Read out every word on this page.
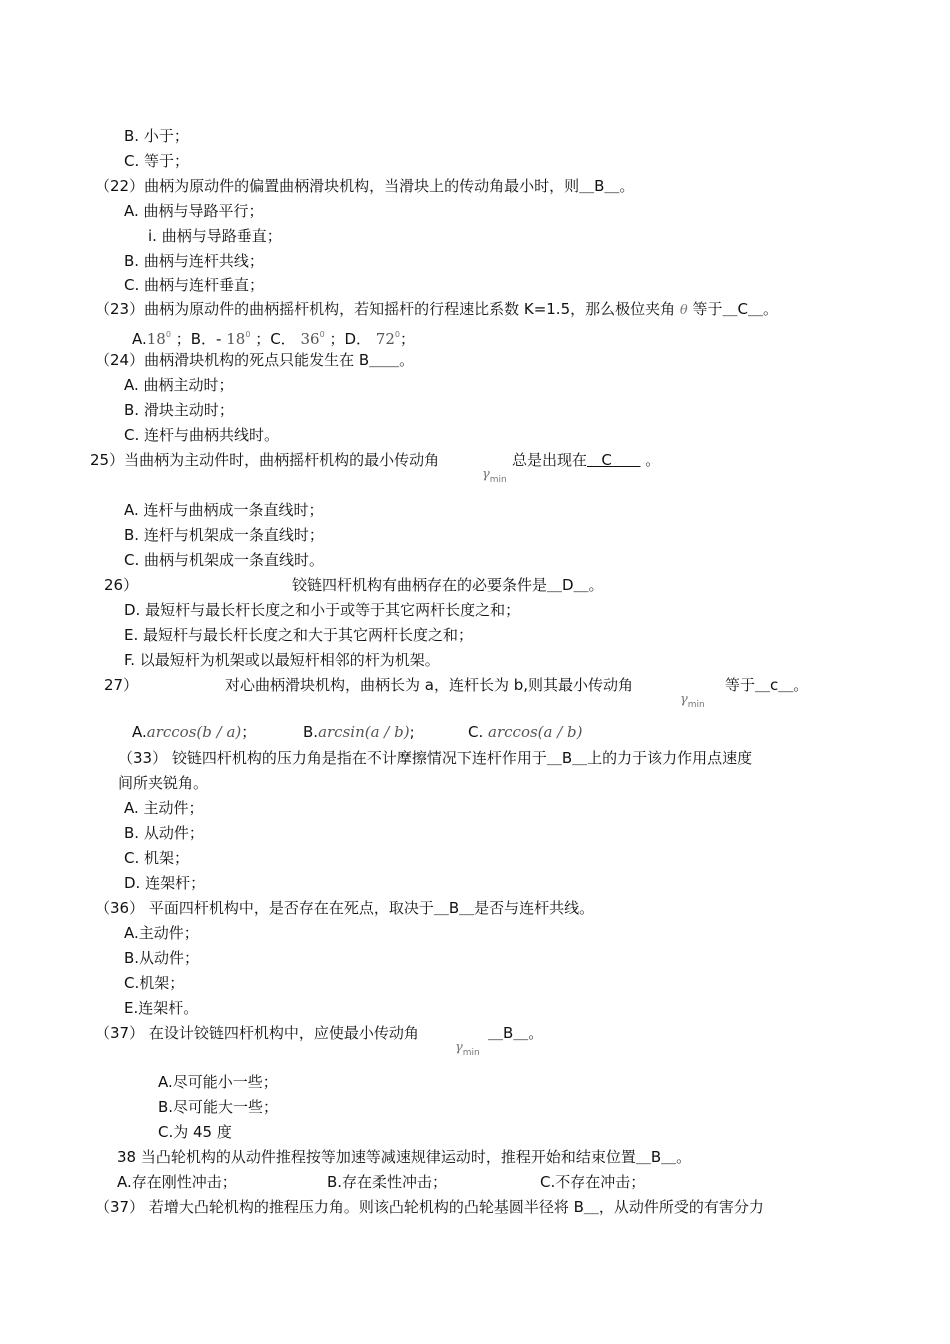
B. 小于；
C. 等于；
（22）曲柄为原动件的偏置曲柄滑块机构，当滑块上的传动角最小时，则＿B＿。
A. 曲柄与导路平行；
i. 曲柄与导路垂直；
B. 曲柄与连杆共线；
C. 曲柄与连杆垂直；
（23）曲柄为原动件的曲柄摇杆机构，若知摇杆的行程速比系数 K=1.5，那么极位夹角 θ 等于＿C＿。
$A.18^0$ ；B．- $18^0$ ；C． $36^0$ ；D． $72^0$；
（24）曲柄滑块机构的死点只能发生在 B＿＿。
A. 曲柄主动时；
B. 滑块主动时；
C. 连杆与曲柄共线时。
25）当曲柄为主动件时，曲柄摇杆机构的最小传动角
$\gamma_{min}$
总是出现在   C       。
A. 连杆与曲柄成一条直线时；
B. 连杆与机架成一条直线时；
C. 曲柄与机架成一条直线时。
26）	铰链四杆机构有曲柄存在的必要条件是＿D＿。
D. 最短杆与最长杆长度之和小于或等于其它两杆长度之和；
E. 最短杆与最长杆长度之和大于其它两杆长度之和；
F. 以最短杆为机架或以最短杆相邻的杆为机架。
27）	对心曲柄滑块机构，曲柄长为 a，连杆长为 b,则其最小传动角
$\gamma_{min}$
等于＿c＿。
A.arccos(b / a)；	B.arcsin(a / b);	C. arccos(a / b)
（33） 铰链四杆机构的压力角是指在不计摩擦情况下连杆作用于＿B＿上的力于该力作用点速度
间所夹锐角。
A. 主动件；
B. 从动件；
C. 机架；
D. 连架杆；
（36） 平面四杆机构中，是否存在在死点，取决于＿B＿是否与连杆共线。
A.主动件；
B.从动件；
C.机架；
E.连架杆。
（37） 在设计铰链四杆机构中，应使最小传动角
$\gamma_{min}$
＿B＿。
A.尽可能小一些；
B.尽可能大一些；
C.为 45 度
38 当凸轮机构的从动件推程按等加速等减速规律运动时，推程开始和结束位置＿B＿。
A.存在刚性冲击；	B.存在柔性冲击；	C.不存在冲击；
（37） 若增大凸轮机构的推程压力角。则该凸轮机构的凸轮基圆半径将 B＿，从动件所受的有害分力
